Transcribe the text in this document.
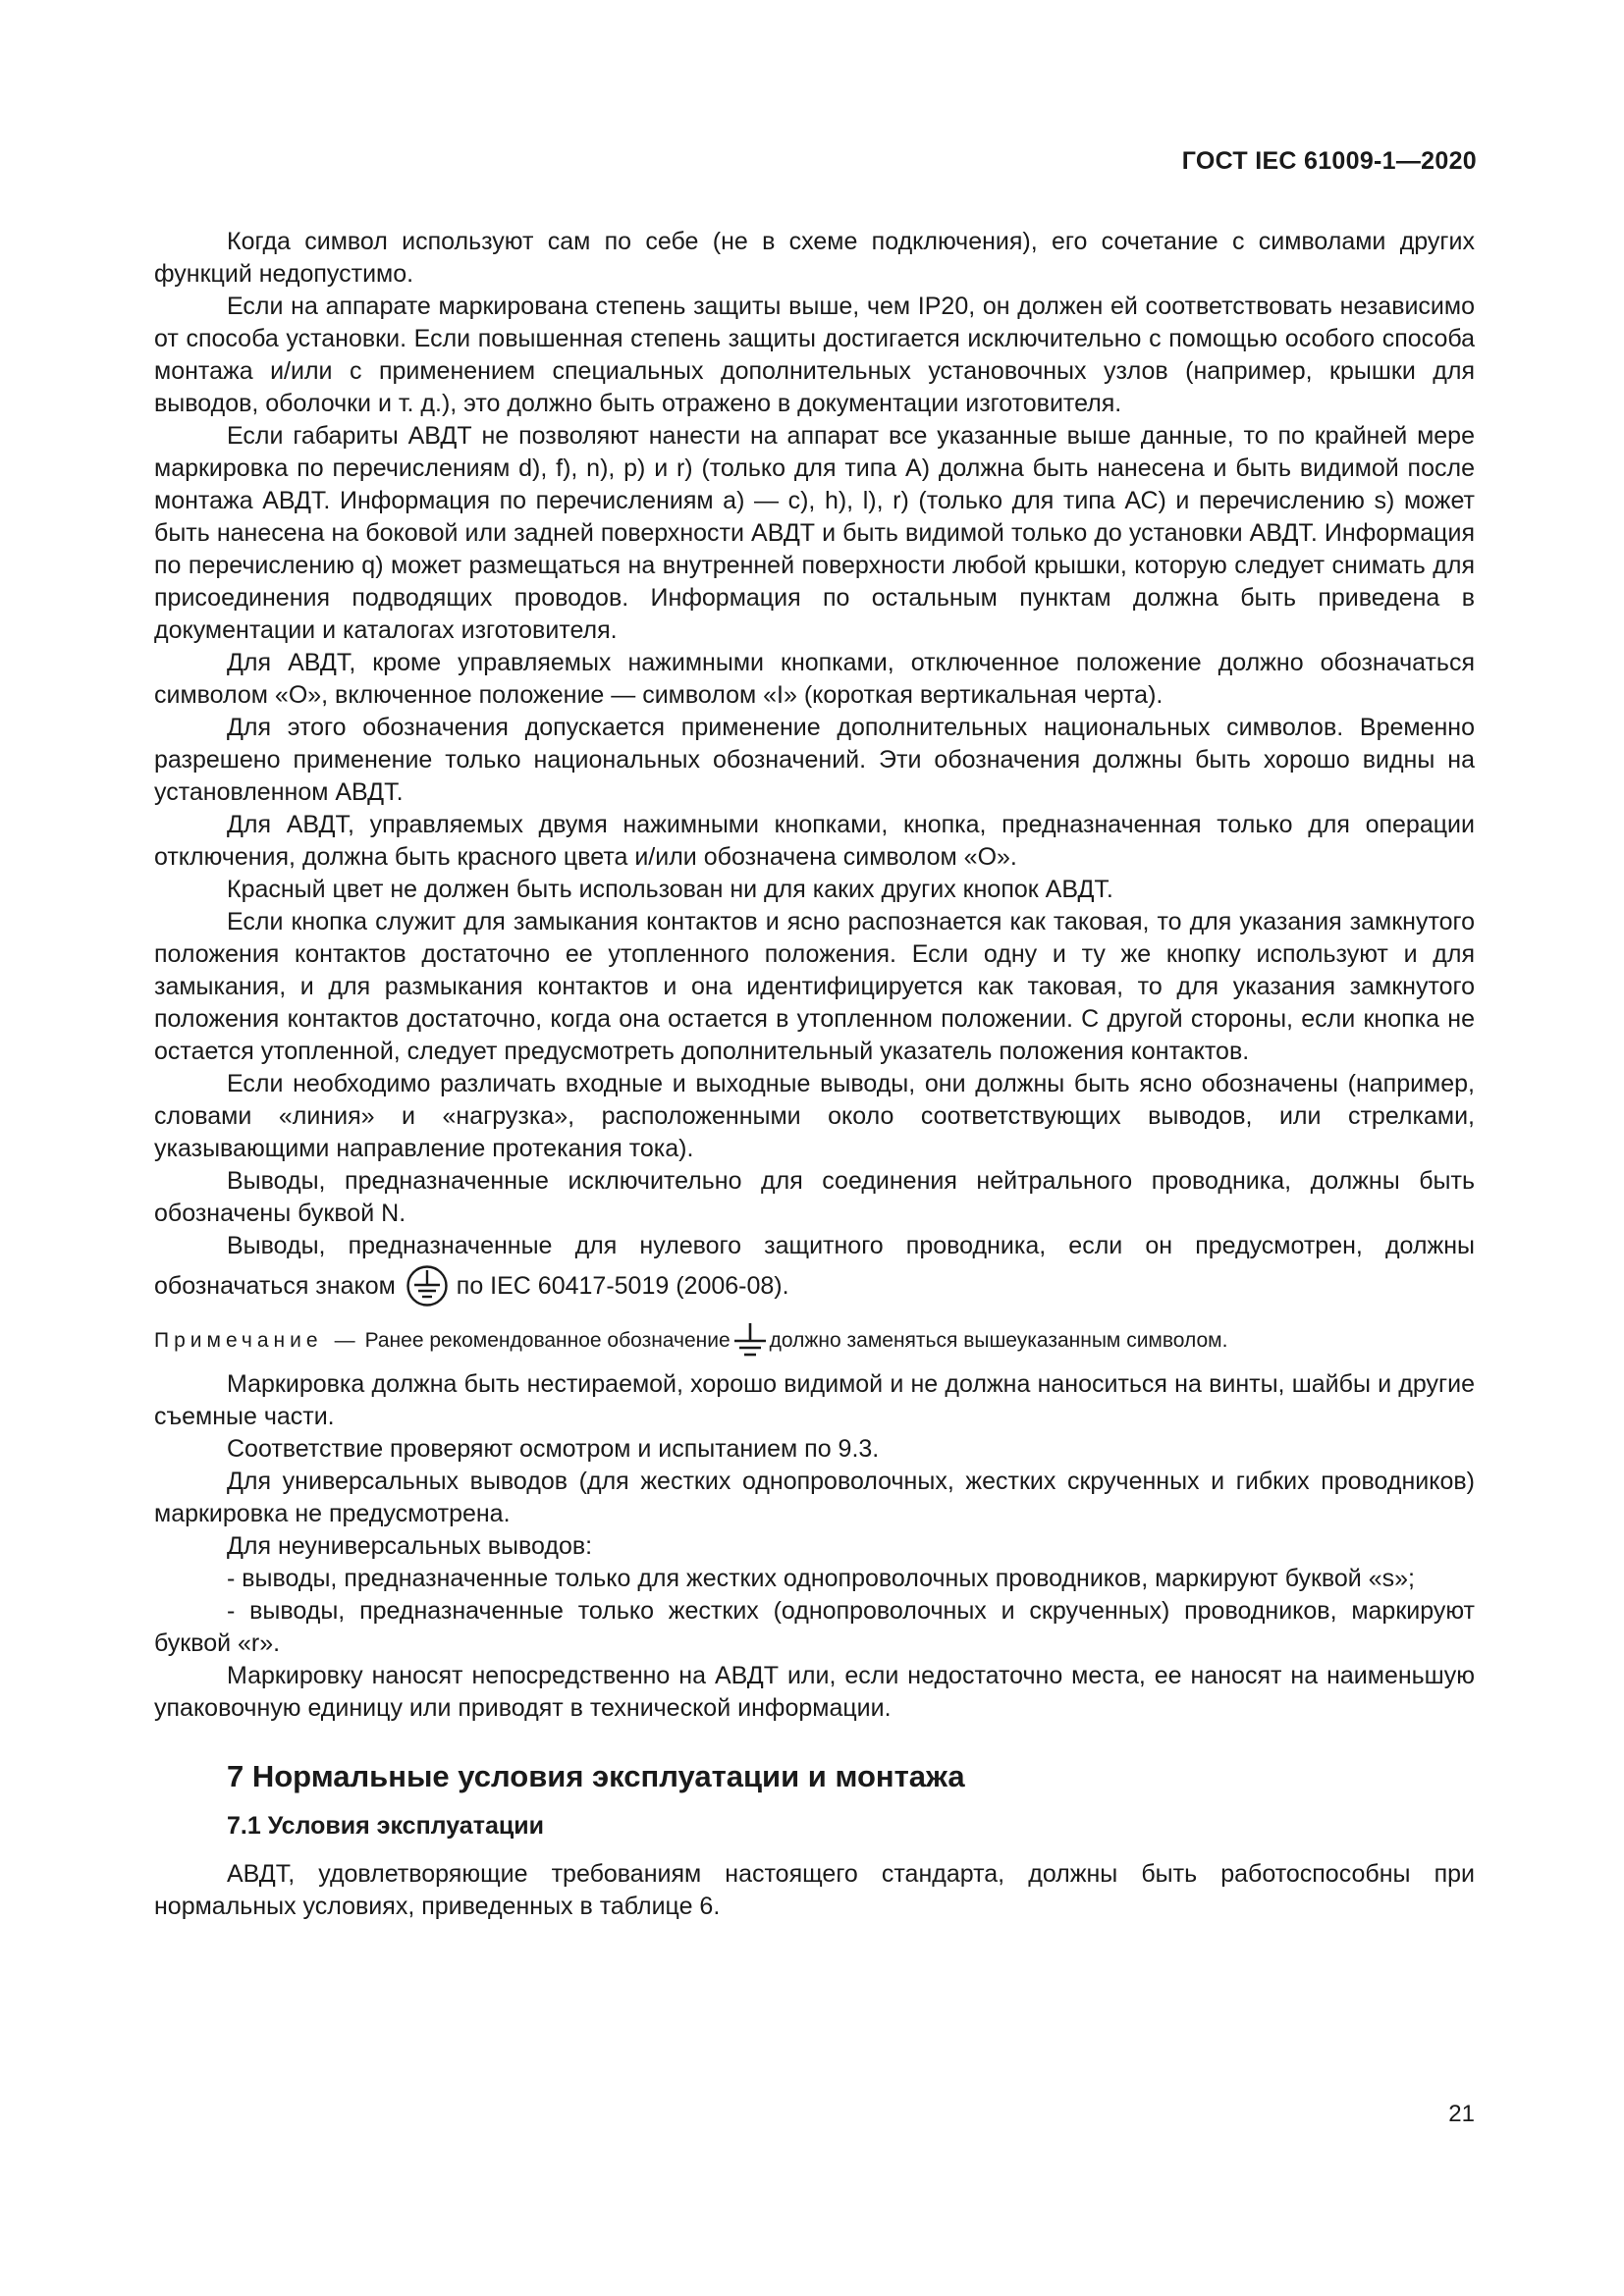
ГОСТ IEC 61009-1—2020

Когда символ используют сам по себе (не в схеме подключения), его сочетание с символами других функций недопустимо.

Если на аппарате маркирована степень защиты выше, чем IP20, он должен ей соответствовать независимо от способа установки. Если повышенная степень защиты достигается исключительно с помощью особого способа монтажа и/или с применением специальных дополнительных установочных узлов (например, крышки для выводов, оболочки и т. д.), это должно быть отражено в документации изготовителя.

Если габариты АВДТ не позволяют нанести на аппарат все указанные выше данные, то по крайней мере маркировка по перечислениям d), f), n), p) и r) (только для типа А) должна быть нанесена и быть видимой после монтажа АВДТ. Информация по перечислениям a) — c), h), l), r) (только для типа АС) и перечислению s) может быть нанесена на боковой или задней поверхности АВДТ и быть видимой только до установки АВДТ. Информация по перечислению q) может размещаться на внутренней поверхности любой крышки, которую следует снимать для присоединения подводящих проводов. Информация по остальным пунктам должна быть приведена в документации и каталогах изготовителя.

Для АВДТ, кроме управляемых нажимными кнопками, отключенное положение должно обозначаться символом «О», включенное положение — символом «I» (короткая вертикальная черта).

Для этого обозначения допускается применение дополнительных национальных символов. Временно разрешено применение только национальных обозначений. Эти обозначения должны быть хорошо видны на установленном АВДТ.

Для АВДТ, управляемых двумя нажимными кнопками, кнопка, предназначенная только для операции отключения, должна быть красного цвета и/или обозначена символом «О».

Красный цвет не должен быть использован ни для каких других кнопок АВДТ.

Если кнопка служит для замыкания контактов и ясно распознается как таковая, то для указания замкнутого положения контактов достаточно ее утопленного положения. Если одну и ту же кнопку используют и для замыкания, и для размыкания контактов и она идентифицируется как таковая, то для указания замкнутого положения контактов достаточно, когда она остается в утопленном положении. С другой стороны, если кнопка не остается утопленной, следует предусмотреть дополнительный указатель положения контактов.

Если необходимо различать входные и выходные выводы, они должны быть ясно обозначены (например, словами «линия» и «нагрузка», расположенными около соответствующих выводов, или стрелками, указывающими направление протекания тока).

Выводы, предназначенные исключительно для соединения нейтрального проводника, должны быть обозначены буквой N.

Выводы, предназначенные для нулевого защитного проводника, если он предусмотрен, должны

обозначаться знаком по IEC 60417-5019 (2006-08).
Примечание — Ранее рекомендованное обозначение должно заменяться вышеуказанным символом.

Маркировка должна быть нестираемой, хорошо видимой и не должна наноситься на винты, шайбы и другие съемные части.

Соответствие проверяют осмотром и испытанием по 9.3.

Для универсальных выводов (для жестких однопроволочных, жестких скрученных и гибких проводников) маркировка не предусмотрена.

Для неуниверсальных выводов:

- выводы, предназначенные только для жестких однопроволочных проводников, маркируют буквой «s»;

- выводы, предназначенные только жестких (однопроволочных и скрученных) проводников, маркируют буквой «r».

Маркировку наносят непосредственно на АВДТ или, если недостаточно места, ее наносят на наименьшую упаковочную единицу или приводят в технической информации.

7 Нормальные условия эксплуатации и монтажа
7.1 Условия эксплуатации

АВДТ, удовлетворяющие требованиям настоящего стандарта, должны быть работоспособны при нормальных условиях, приведенных в таблице 6.

21
